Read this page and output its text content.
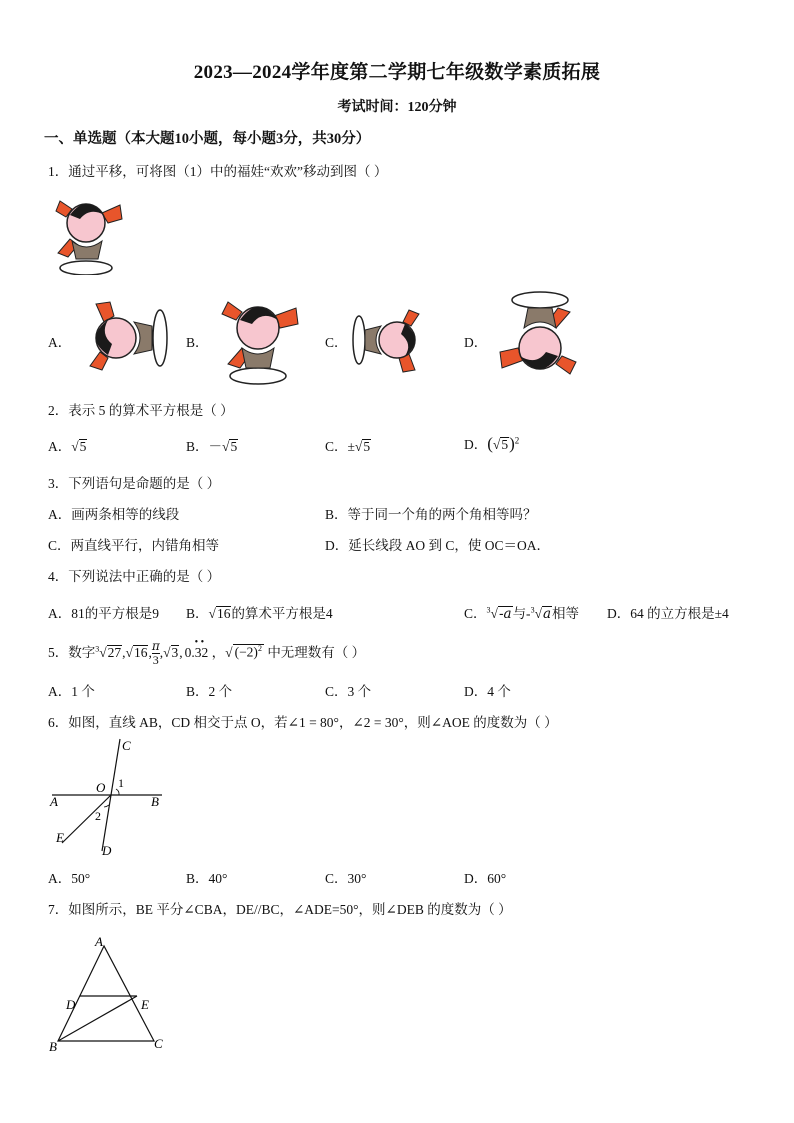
2023—2024学年度第二学期七年级数学素质拓展
考试时间：120分钟
一、单选题（本大题10小题，每小题3分，共30分）
1．通过平移，可将图（1）中的福娃“欢欢”移动到图（ ）
A．	B．	C．	D．
2．表示 5 的算术平方根是（ ）
A．√5	B．－√5	C．±√5	D．$(√5)^2$
3．下列语句是命题的是（ ）
A．画两条相等的线段	B．等于同一个角的两个角相等吗？
C．两直线平行，内错角相等	D．延长线段 AO 到 C，使 OC＝OA．
4．下列说法中正确的是（ ）
A．81的平方根是9 B．√16的算术平方根是4	C．$^3$√-a与-$^3$√a相等 D．64 的立方根是±4
5．数字$^3$√27,√16, $\frac{\pi}{3} ,√3$,
• •
0.32 ，√ $(-2)^2$ 中无理数有（ ）
A．1 个	B．2 个	C．3 个	D．4 个
6．如图，直线 AB，CD 相交于点 O，若∠1 = 80°，∠2 = 30°，则∠AOE 的度数为（ ）
C
A	B
O 1
2
E
D
A．50°	B．40°	C．30°	D．60°
7．如图所示，BE 平分∠CBA，DE//BC，∠ADE=50°，则∠DEB 的度数为（ ）
A
D	E
B	C
